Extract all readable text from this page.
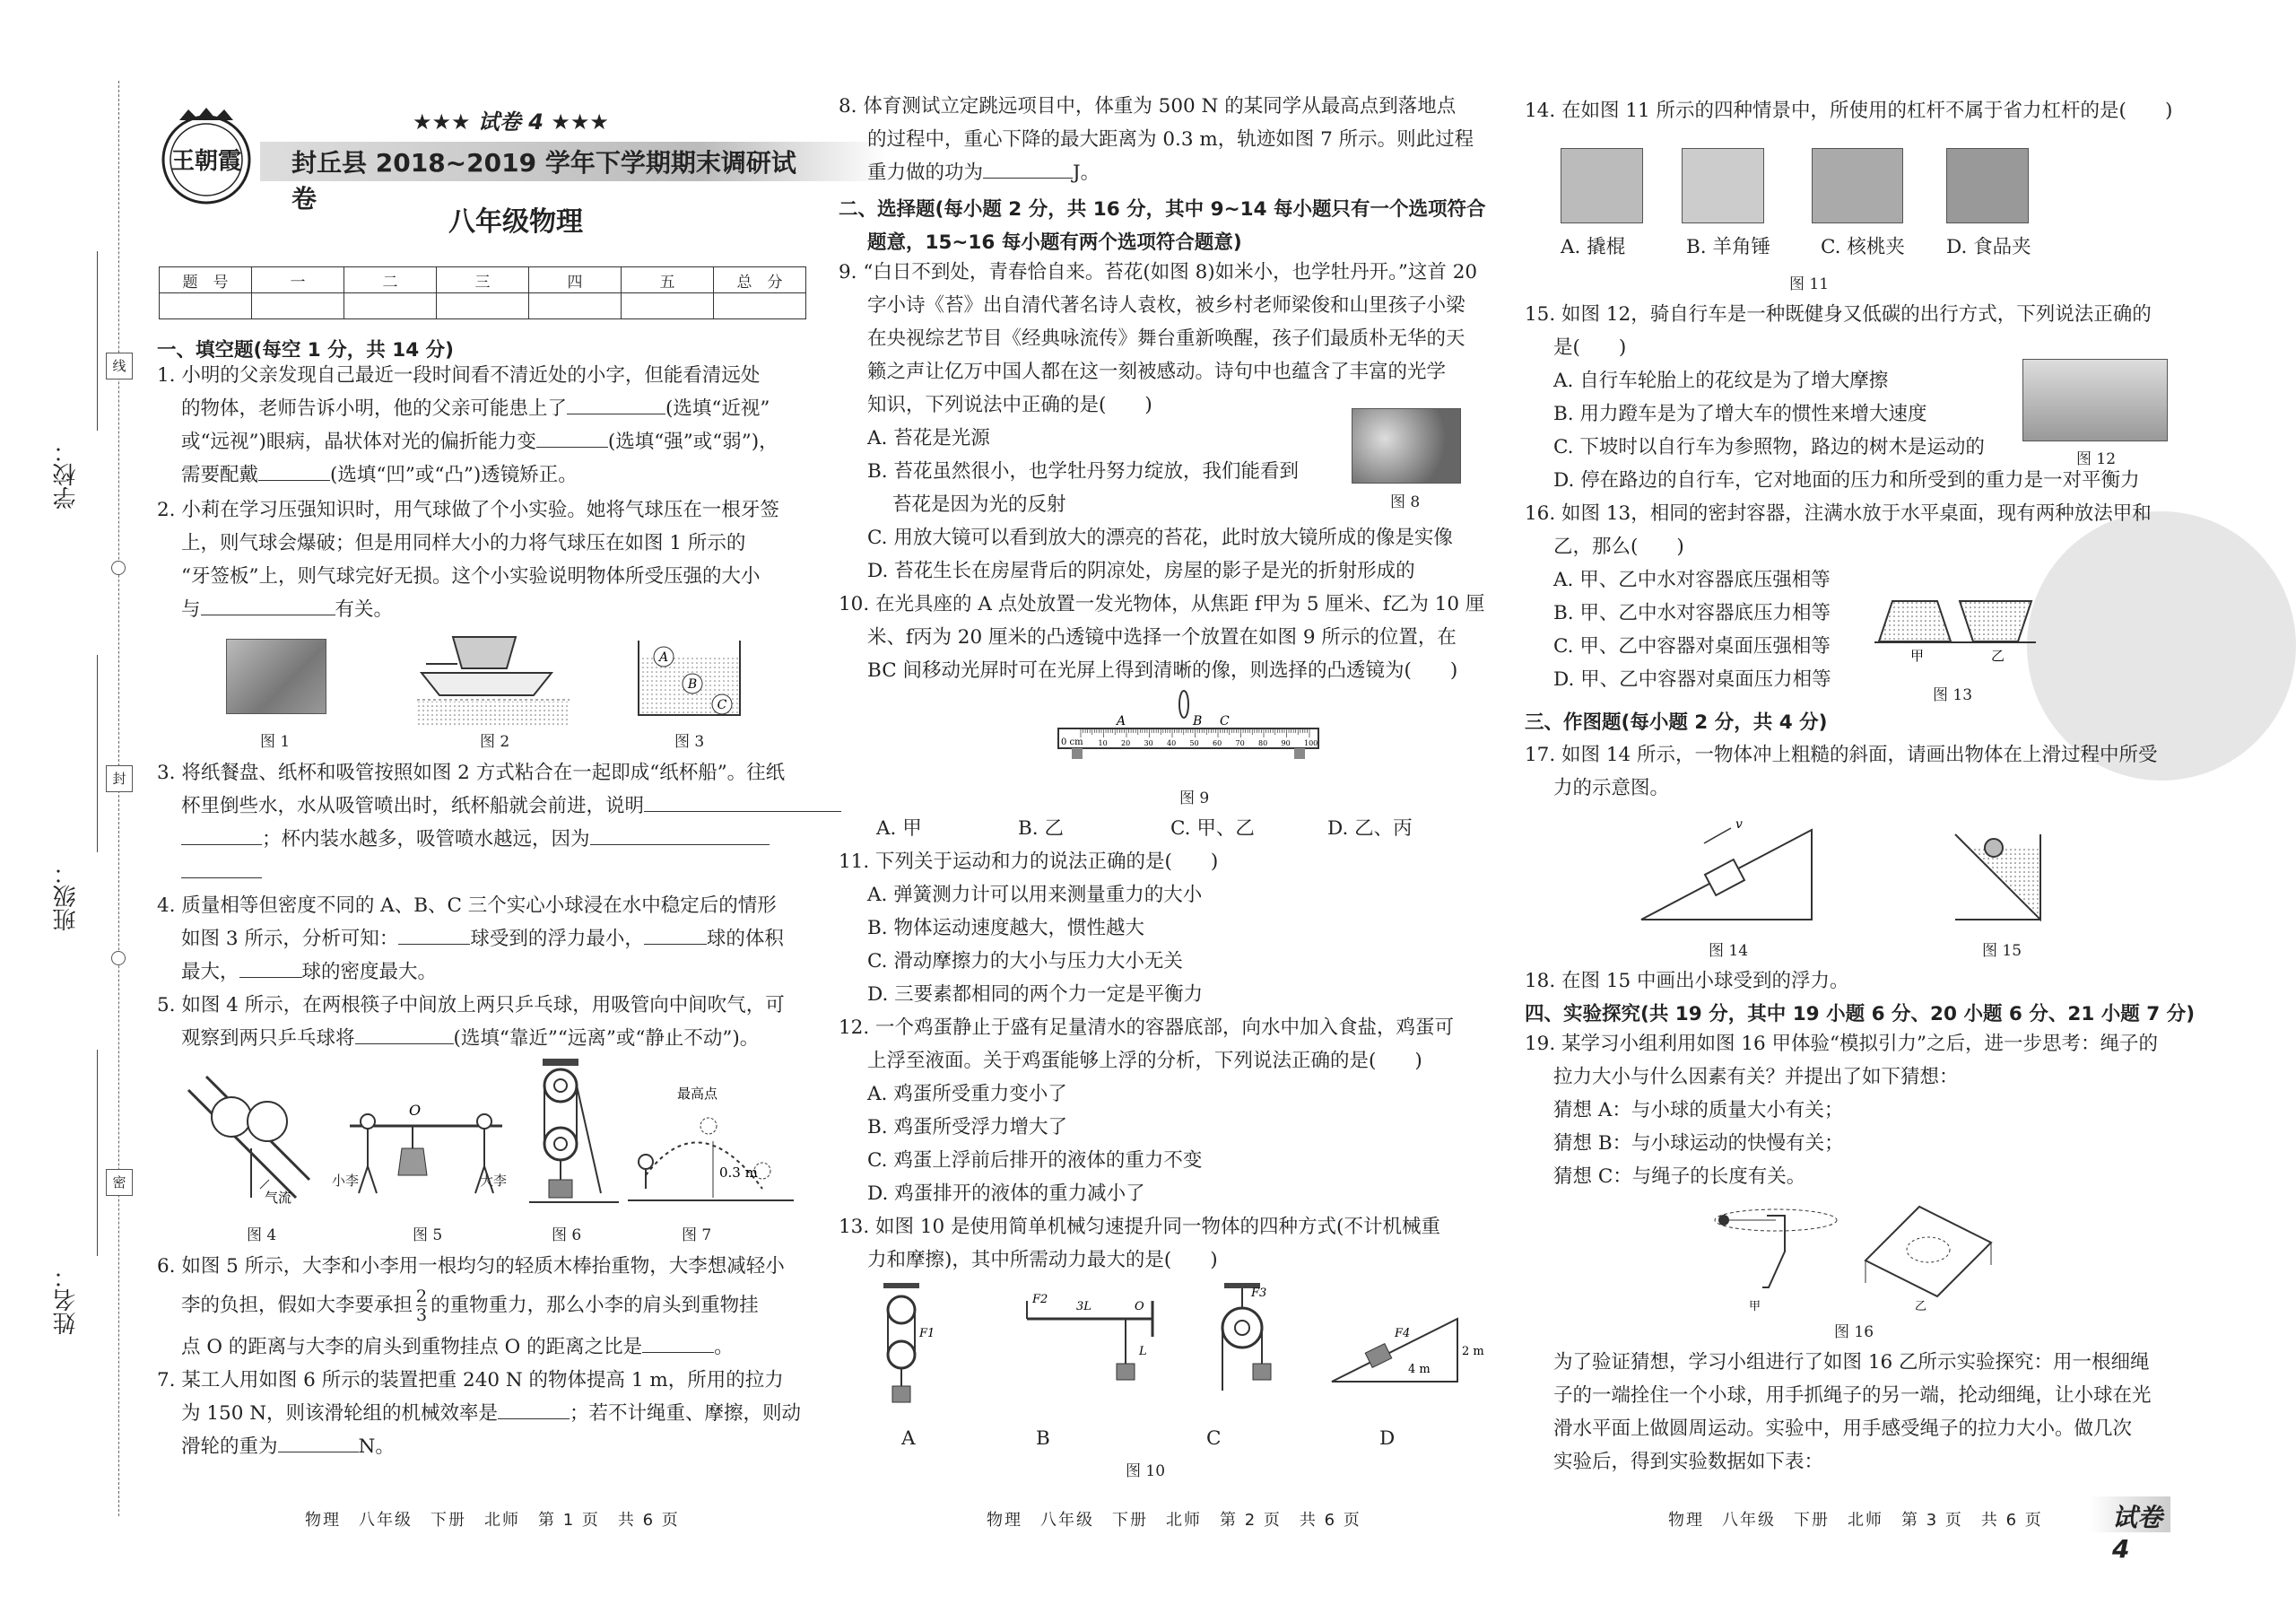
学校：
班级：
姓名：
线
封
密
王朝霞
★★★ 试卷 4 ★★★
封丘县 2018~2019 学年下学期期末调研试卷
八年级物理
题　号	一	二	三	四	五	总　分

一、填空题(每空 1 分，共 14 分)
1. 小明的父亲发现自己最近一段时间看不清近处的小字，但能看清远处
的物体，老师告诉小明，他的父亲可能患上了	(选填“近视”
或“远视”)眼病，晶状体对光的偏折能力变	(选填“强”或“弱”)，
需要配戴	(选填“凹”或“凸”)透镜矫正。
2. 小莉在学习压强知识时，用气球做了个小实验。她将气球压在一根牙签
上，则气球会爆破；但是用同样大小的力将气球压在如图 1 所示的
“牙签板”上，则气球完好无损。这个小实验说明物体所受压强的大小
与	有关。
图 1	图 2
A
B
C
图 3
3. 将纸餐盘、纸杯和吸管按照如图 2 方式粘合在一起即成“纸杯船”。往纸
杯里倒些水，水从吸管喷出时，纸杯船就会前进，说明
；杯内装水越多，吸管喷水越远，因为
4. 质量相等但密度不同的 A、B、C 三个实心小球浸在水中稳定后的情形
如图 3 所示，分析可知：	球受到的浮力最小，	球的体积
最大，	球的密度最大。
5. 如图 4 所示，在两根筷子中间放上两只乒乓球，用吸管向中间吹气，可
观察到两只乒乓球将	(选填“靠近”“远离”或“静止不动”)。
气流
图 4
O
小李	大李
图 5	图 6
最高点
0.3 m
图 7
6. 如图 5 所示，大李和小李用一根均匀的轻质木棒抬重物，大李想减轻小
李的负担，假如大李要承担 $\frac{2}{3}$ 的重物重力，那么小李的肩头到重物挂
点 O 的距离与大李的肩头到重物挂点 O 的距离之比是	。
7. 某工人用如图 6 所示的装置把重 240 N 的物体提高 1 m，所用的拉力
为 150 N，则该滑轮组的机械效率是	；若不计绳重、摩擦，则动
滑轮的重为	N。
物理　八年级　下册　北师　第 1 页　共 6 页
8. 体育测试立定跳远项目中，体重为 500 N 的某同学从最高点到落地点
的过程中，重心下降的最大距离为 0.3 m，轨迹如图 7 所示。则此过程
重力做的功为	J。
二、选择题(每小题 2 分，共 16 分，其中 9~14 每小题只有一个选项符合
题意，15~16 每小题有两个选项符合题意)
9. “白日不到处，青春恰自来。苔花(如图 8)如米小，也学牡丹开。”这首 20
字小诗《苔》出自清代著名诗人袁枚，被乡村老师梁俊和山里孩子小梁
在央视综艺节目《经典咏流传》舞台重新唤醒，孩子们最质朴无华的天
籁之声让亿万中国人都在这一刻被感动。诗句中也蕴含了丰富的光学
知识，下列说法中正确的是(　　)
A. 苔花是光源
B. 苔花虽然很小，也学牡丹努力绽放，我们能看到
苔花是因为光的反射
C. 用放大镜可以看到放大的漂亮的苔花，此时放大镜所成的像是实像
D. 苔花生长在房屋背后的阴凉处，房屋的影子是光的折射形成的
图 8
10. 在光具座的 A 点处放置一发光物体，从焦距 f甲为 5 厘米、f乙为 10 厘
米、f丙为 20 厘米的凸透镜中选择一个放置在如图 9 所示的位置，在
BC 间移动光屏时可在光屏上得到清晰的像，则选择的凸透镜为(　　)
10 20 30 40 50 60 70 80 90 100
A	B C
0 cm
图 9
A. 甲	B. 乙	C. 甲、乙	D. 乙、丙
11. 下列关于运动和力的说法正确的是(　　)
A. 弹簧测力计可以用来测量重力的大小
B. 物体运动速度越大，惯性越大
C. 滑动摩擦力的大小与压力大小无关
D. 三要素都相同的两个力一定是平衡力
12. 一个鸡蛋静止于盛有足量清水的容器底部，向水中加入食盐，鸡蛋可
上浮至液面。关于鸡蛋能够上浮的分析，下列说法正确的是(　　)
A. 鸡蛋所受重力变小了
B. 鸡蛋所受浮力增大了
C. 鸡蛋上浮前后排开的液体的重力不变
D. 鸡蛋排开的液体的重力减小了
13. 如图 10 是使用简单机械匀速提升同一物体的四种方式(不计机械重
力和摩擦)，其中所需动力最大的是(　　)
F1
F2
3L	O
L
F3
F4
4 m
2 m
A	B	C	D
图 10
物理　八年级　下册　北师　第 2 页　共 6 页
14. 在如图 11 所示的四种情景中，所使用的杠杆不属于省力杠杆的是(　　)
A. 撬棍	B. 羊角锤	C. 核桃夹 D. 食品夹
图 11
15. 如图 12，骑自行车是一种既健身又低碳的出行方式，下列说法正确的
是(　　)
A. 自行车轮胎上的花纹是为了增大摩擦
B. 用力蹬车是为了增大车的惯性来增大速度
C. 下坡时以自行车为参照物，路边的树木是运动的
D. 停在路边的自行车，它对地面的压力和所受到的重力是一对平衡力
图 12
16. 如图 13，相同的密封容器，注满水放于水平桌面，现有两种放法甲和
乙，那么(　　)
A. 甲、乙中水对容器底压强相等
B. 甲、乙中水对容器底压力相等
C. 甲、乙中容器对桌面压强相等
D. 甲、乙中容器对桌面压力相等
甲	乙
图 13
三、作图题(每小题 2 分，共 4 分)
17. 如图 14 所示，一物体冲上粗糙的斜面，请画出物体在上滑过程中所受
力的示意图。
v
图 14	图 15
18. 在图 15 中画出小球受到的浮力。
四、实验探究(共 19 分，其中 19 小题 6 分、20 小题 6 分、21 小题 7 分)
19. 某学习小组利用如图 16 甲体验“模拟引力”之后，进一步思考：绳子的
拉力大小与什么因素有关？并提出了如下猜想：
猜想 A：与小球的质量大小有关；
猜想 B：与小球运动的快慢有关；
猜想 C：与绳子的长度有关。
甲	乙
图 16
为了验证猜想，学习小组进行了如图 16 乙所示实验探究：用一根细绳
子的一端拴住一个小球，用手抓绳子的另一端，抡动细绳，让小球在光
滑水平面上做圆周运动。实验中，用手感受绳子的拉力大小。做几次
实验后，得到实验数据如下表：
物理　八年级　下册　北师　第 3 页　共 6 页	试卷 4
